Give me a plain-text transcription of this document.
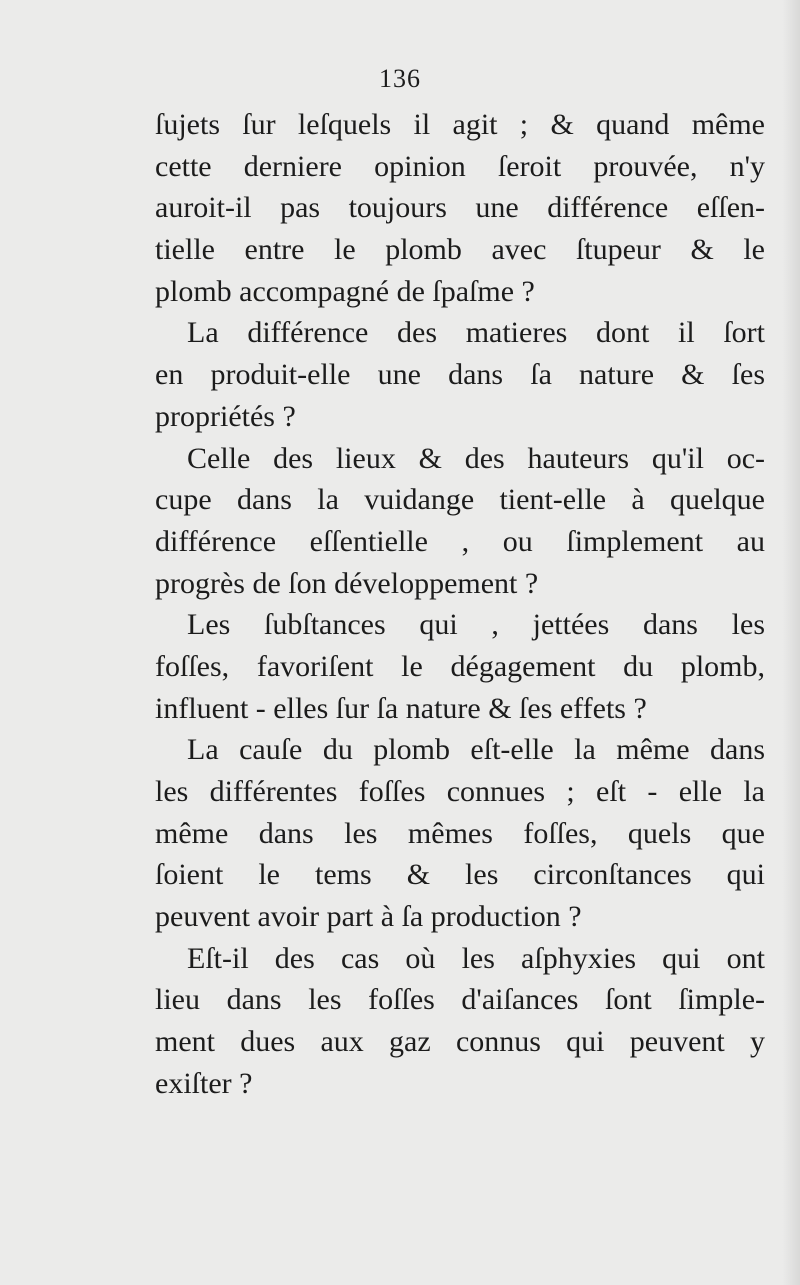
136
ſujets ſur leſquels il agit ; & quand même
cette derniere opinion ſeroit prouvée, n'y
auroit-il pas toujours une différence eſſen-
tielle entre le plomb avec ſtupeur & le
plomb accompagné de ſpaſme ?
La différence des matieres dont il ſort
en produit-elle une dans ſa nature & ſes
propriétés ?
Celle des lieux & des hauteurs qu'il oc-
cupe dans la vuidange tient-elle à quelque
différence eſſentielle , ou ſimplement au
progrès de ſon développement ?
Les ſubſtances qui , jettées dans les
foſſes, favoriſent le dégagement du plomb,
influent - elles ſur ſa nature & ſes effets ?
La cauſe du plomb eſt-elle la même dans
les différentes foſſes connues ; eſt - elle la
même dans les mêmes foſſes, quels que
ſoient le tems & les circonſtances qui
peuvent avoir part à ſa production ?
Eſt-il des cas où les aſphyxies qui ont
lieu dans les foſſes d'aiſances ſont ſimple-
ment dues aux gaz connus qui peuvent y
exiſter ?
